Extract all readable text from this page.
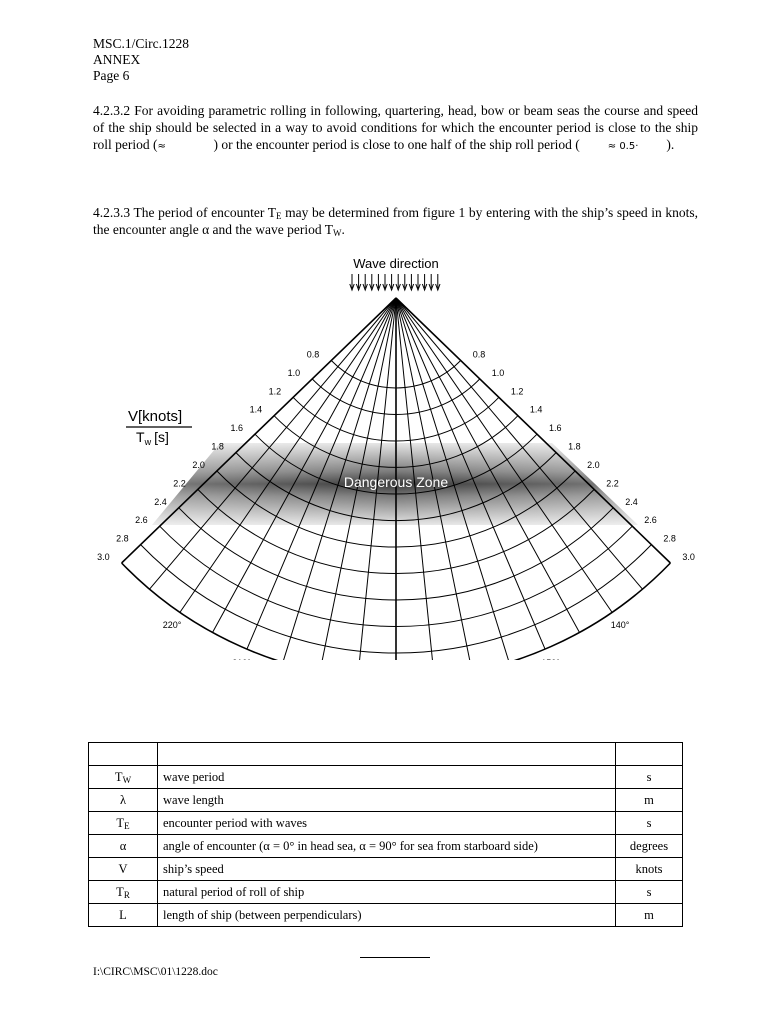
MSC.1/Circ.1228
ANNEX
Page 6
4.2.3.2 For avoiding parametric rolling in following, quartering, head, bow or beam seas the course and speed of the ship should be selected in a way to avoid conditions for which the encounter period is close to the ship roll period (≈	) or the encounter period is close to one half of the ship roll period (	≈ 0.5· ).
4.2.3.3 The period of encounter $T_E$ may be determined from figure 1 by entering with the ship’s speed in knots, the encounter angle α and the wave period $T_W$.
Wave direction
Dangerous Zone
V[knots]
$T_w$ [s]
0.8	0.8
1.0	1.0
1.2	1.2
1.4	1.4
1.6	1.6
1.8	1.8
2.0	2.0
2.2	2.2
2.4	2.4
2.6	2.6
2.8	2.8
3.0	3.0
220°	140°

$T_W$	wave period	s
λ	wave length	m
$T_E$	encounter period with waves	s
α	angle of encounter (α = 0° in head sea, α = 90° for sea from starboard side)	degrees
V	ship’s speed	knots
$T_R$	natural period of roll of ship	s
L	length of ship (between perpendiculars)	m
I:\CIRC\MSC\01\1228.doc
